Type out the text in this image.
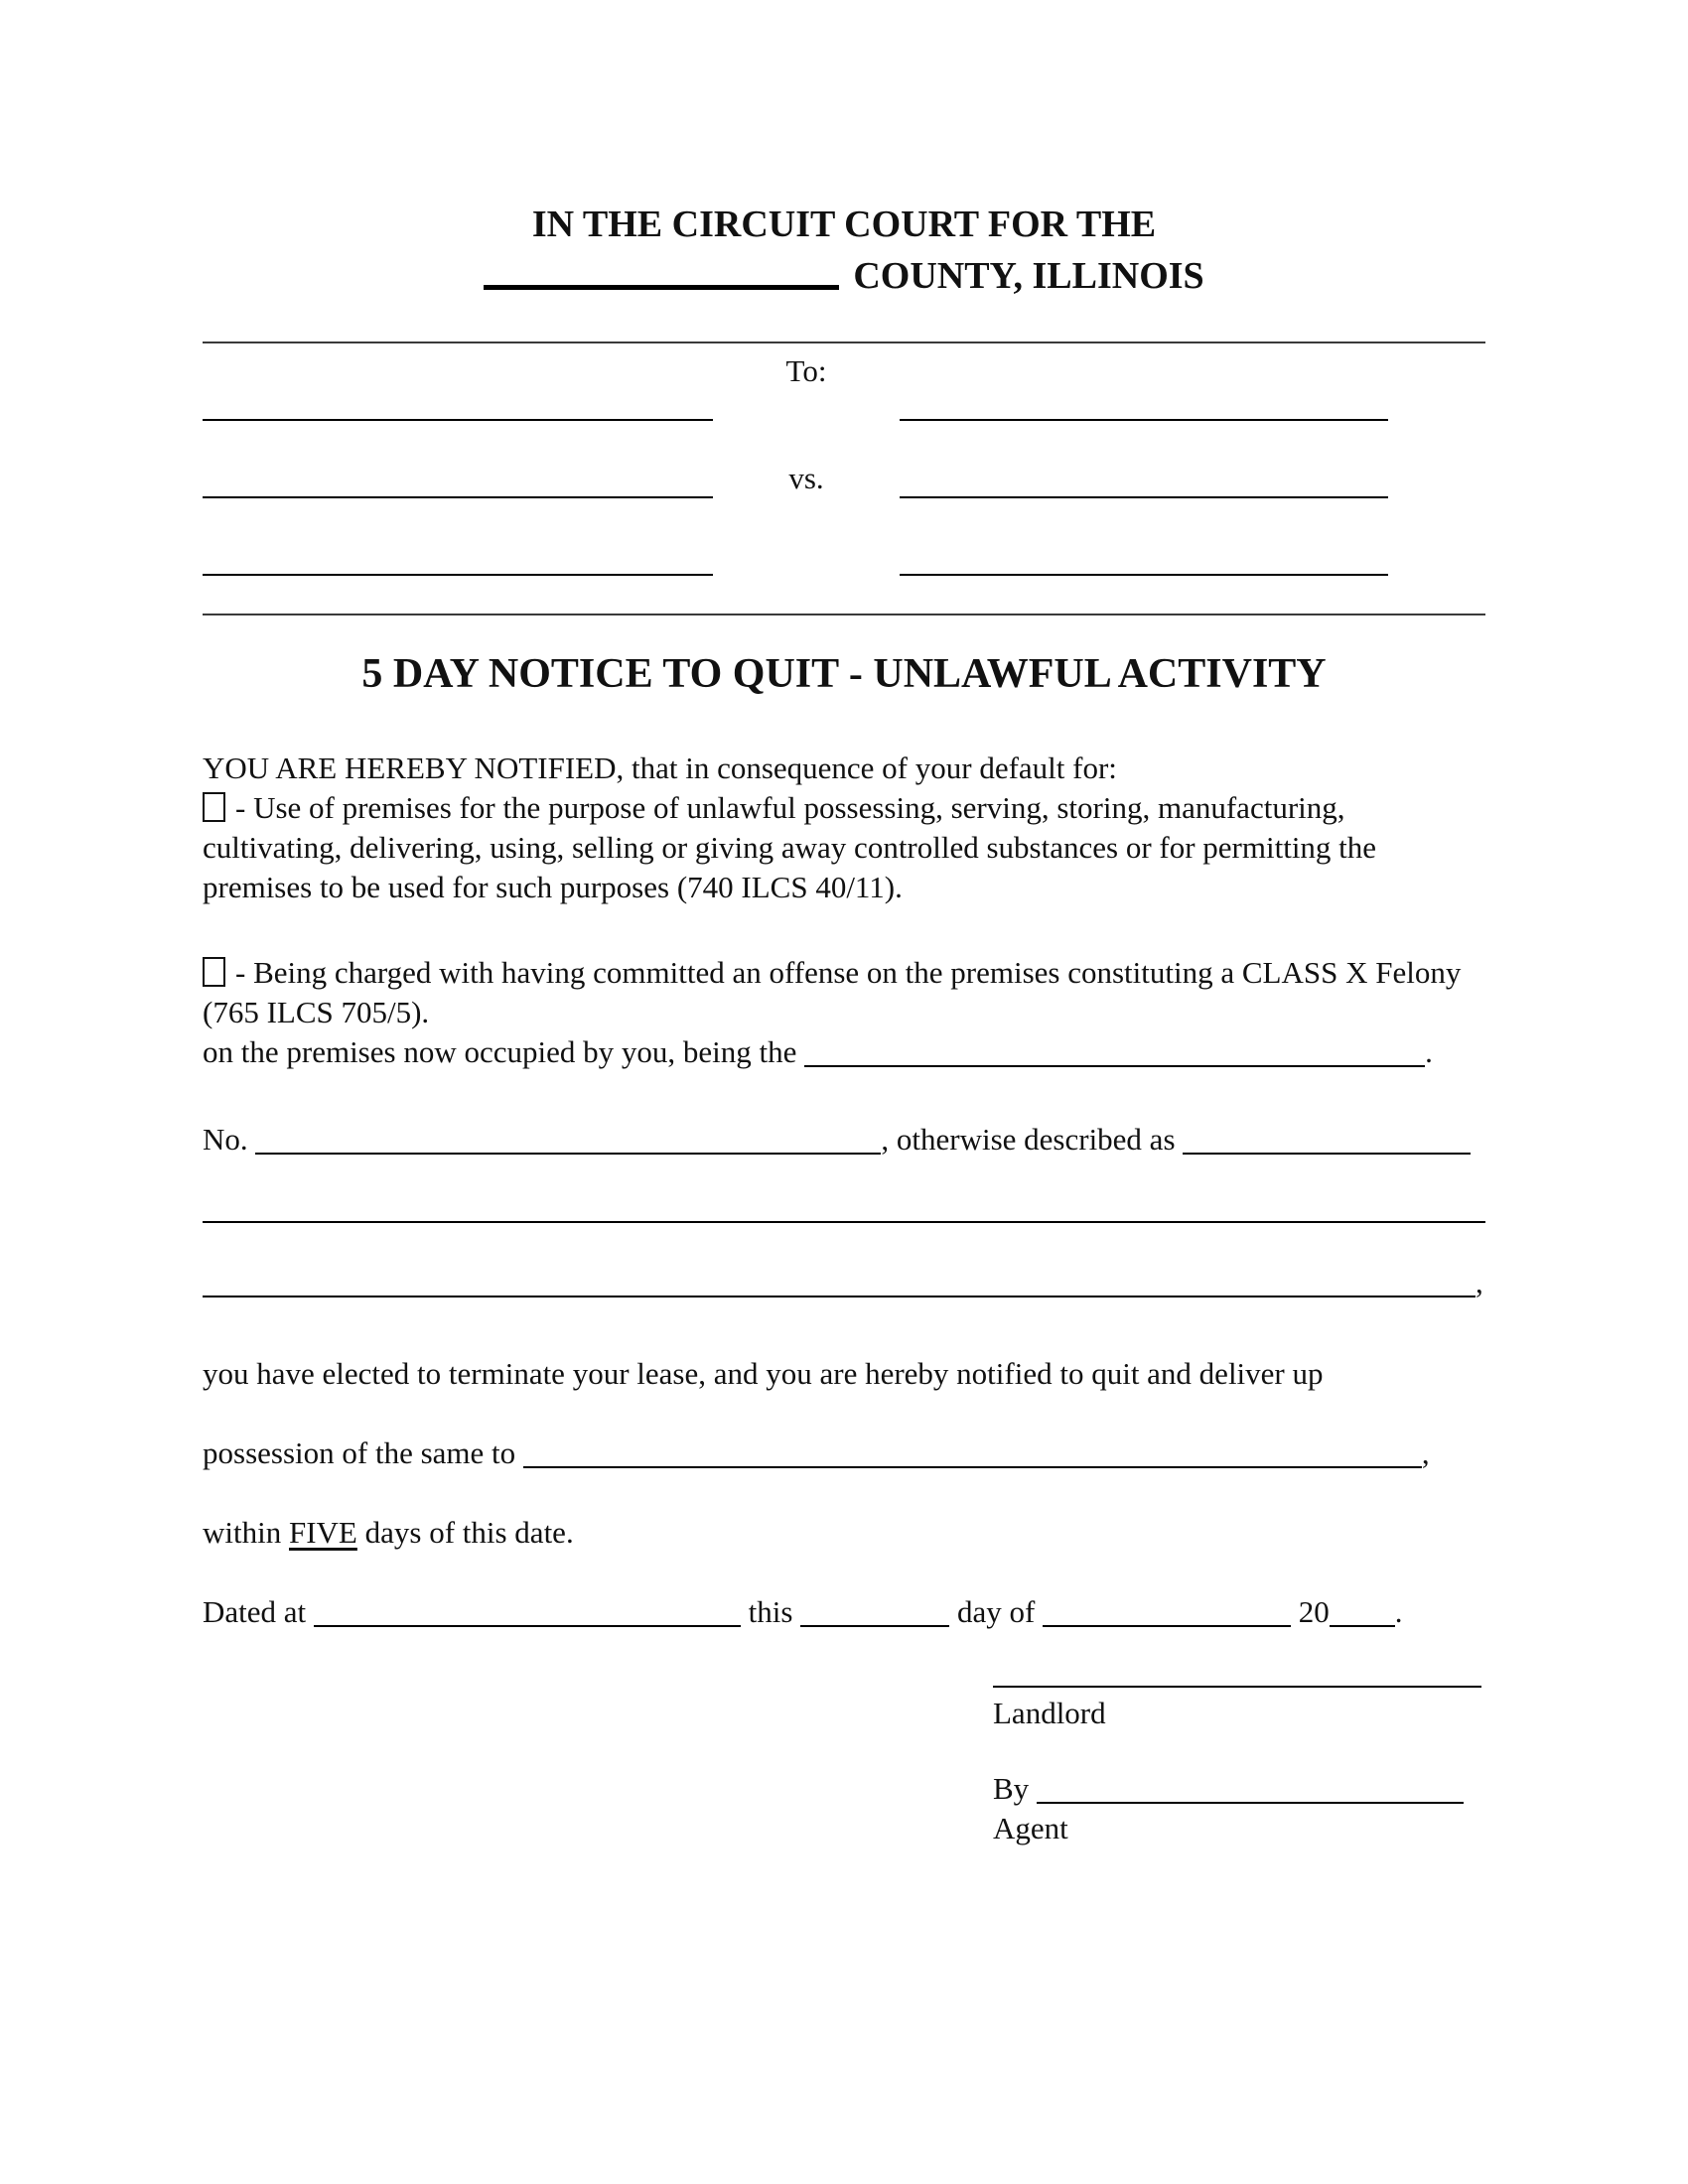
IN THE CIRCUIT COURT FOR THE
COUNTY, ILLINOIS
To:
vs.
5 DAY NOTICE TO QUIT - UNLAWFUL ACTIVITY

YOU ARE HEREBY NOTIFIED, that in consequence of your default for:

- Use of premises for the purpose of unlawful possessing, serving, storing, manufacturing, cultivating, delivering, using, selling or giving away controlled substances or for permitting the premises to be used for such purposes (740 ILCS 40/11).

- Being charged with having committed an offense on the premises constituting a CLASS X Felony (765 ILCS 705/5).

on the premises now occupied by you, being the	.

No.	, otherwise described as

,

you have elected to terminate your lease, and you are hereby notified to quit and deliver up

possession of the same to	,

within FIVE days of this date.

Dated at	this	day of	20 .

Landlord
By
Agent
